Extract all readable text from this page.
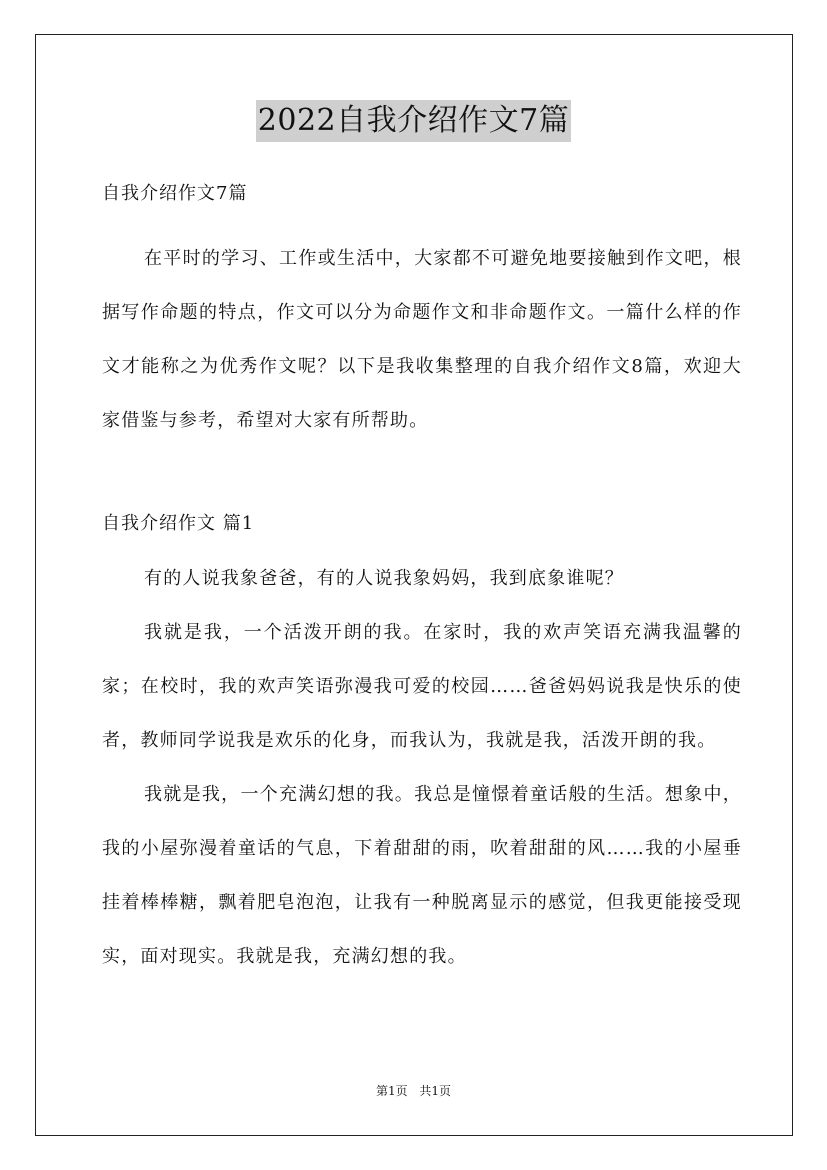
2022自我介绍作文7篇

自我介绍作文7篇

在平时的学习、工作或生活中，大家都不可避免地要接触到作文吧，根据写作命题的特点，作文可以分为命题作文和非命题作文。一篇什么样的作文才能称之为优秀作文呢？以下是我收集整理的自我介绍作文8篇，欢迎大家借鉴与参考，希望对大家有所帮助。

自我介绍作文 篇1

有的人说我象爸爸，有的人说我象妈妈，我到底象谁呢？

我就是我，一个活泼开朗的我。在家时，我的欢声笑语充满我温馨的家；在校时，我的欢声笑语弥漫我可爱的校园……爸爸妈妈说我是快乐的使者，教师同学说我是欢乐的化身，而我认为，我就是我，活泼开朗的我。

我就是我，一个充满幻想的我。我总是憧憬着童话般的生活。想象中，我的小屋弥漫着童话的气息，下着甜甜的雨，吹着甜甜的风……我的小屋垂挂着棒棒糖，飘着肥皂泡泡，让我有一种脱离显示的感觉，但我更能接受现实，面对现实。我就是我，充满幻想的我。

第1页 共1页
